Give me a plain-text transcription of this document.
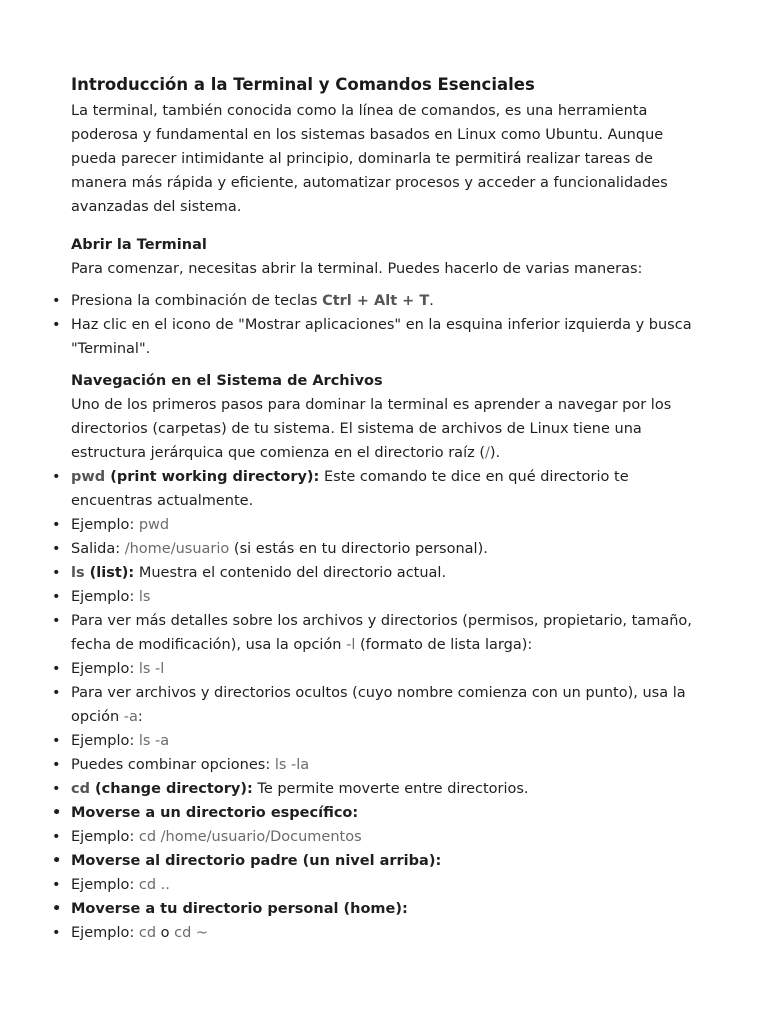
Introducción a la Terminal y Comandos Esenciales

La terminal, también conocida como la línea de comandos, es una herramienta poderosa y fundamental en los sistemas basados en Linux como Ubuntu. Aunque pueda parecer intimidante al principio, dominarla te permitirá realizar tareas de manera más rápida y eficiente, automatizar procesos y acceder a funcionalidades avanzadas del sistema.

Abrir la Terminal

Para comenzar, necesitas abrir la terminal. Puedes hacerlo de varias maneras:

• Presiona la combinación de teclas Ctrl + Alt + T.
• Haz clic en el icono de "Mostrar aplicaciones" en la esquina inferior izquierda y busca "Terminal".
Navegación en el Sistema de Archivos

Uno de los primeros pasos para dominar la terminal es aprender a navegar por los directorios (carpetas) de tu sistema. El sistema de archivos de Linux tiene una estructura jerárquica que comienza en el directorio raíz (/).

• pwd (print working directory): Este comando te dice en qué directorio te encuentras actualmente.
• Ejemplo: pwd
• Salida: /home/usuario (si estás en tu directorio personal).
• ls (list): Muestra el contenido del directorio actual.
• Ejemplo: ls
• Para ver más detalles sobre los archivos y directorios (permisos, propietario, tamaño, fecha de modificación), usa la opción -l (formato de lista larga):
• Ejemplo: ls -l
• Para ver archivos y directorios ocultos (cuyo nombre comienza con un punto), usa la opción -a:
• Ejemplo: ls -a
• Puedes combinar opciones: ls -la
• cd (change directory): Te permite moverte entre directorios.
• Moverse a un directorio específico:
• Ejemplo: cd /home/usuario/Documentos
• Moverse al directorio padre (un nivel arriba):
• Ejemplo: cd ..
• Moverse a tu directorio personal (home):
• Ejemplo: cd o cd ~
